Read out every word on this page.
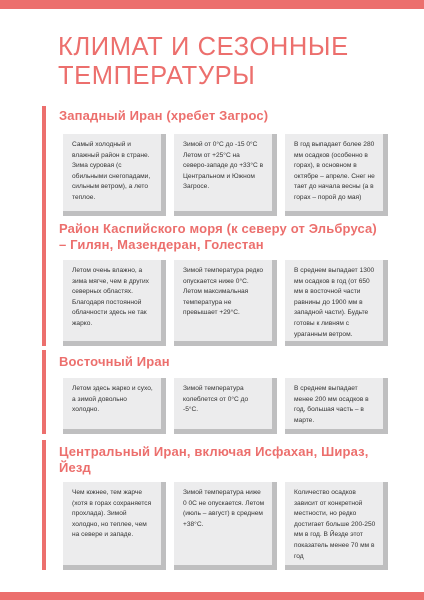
КЛИМАТ И СЕЗОННЫЕ ТЕМПЕРАТУРЫ
Западный Иран (хребет Загрос)
Самый холодный и влажный район в стране. Зима суровая (с обильными снегопадами, сильным ветром), а лето теплое.
Зимой от 0°С до -15 0°С Летом от +25°С на северо-западе до +33°С в Центральном и Южном Загросе.
В год выпадает более 280 мм осадков (особенно в горах), в основном в октябре – апреле. Снег не тает до начала весны (а в горах – порой до мая)
Район Каспийского моря (к северу от Эльбруса) – Гилян, Мазендеран, Голестан
Летом очень влажно, а зима мягче, чем в других северных областях. Благодаря постоянной облачности здесь не так жарко.
Зимой температура редко опускается ниже 0°С. Летом максимальная температура не превышает +29°С.
В среднем выпадает 1300 мм осадков в год (от 650 мм в восточной части равнины до 1900 мм в западной части). Будьте готовы к ливням с ураганным ветром.
Восточный Иран
Летом здесь жарко и сухо, а зимой довольно холодно.
Зимой температура колеблется от 0°С до -5°С.
В среднем выпадает менее 200 мм осадков в год, большая часть – в марте.
Центральный Иран, включая Исфахан, Шираз, Йезд
Чем южнее, тем жарче (хотя в горах сохраняется прохлада). Зимой холодно, но теплее, чем на севере и западе.
Зимой температура ниже 0 0С не опускается. Летом (июль – август) в среднем +38°С.
Количество осадков зависит от конкретной местности, но редко достигает больше 200-250 мм в год. В Йезде этот показатель менее 70 мм в год
